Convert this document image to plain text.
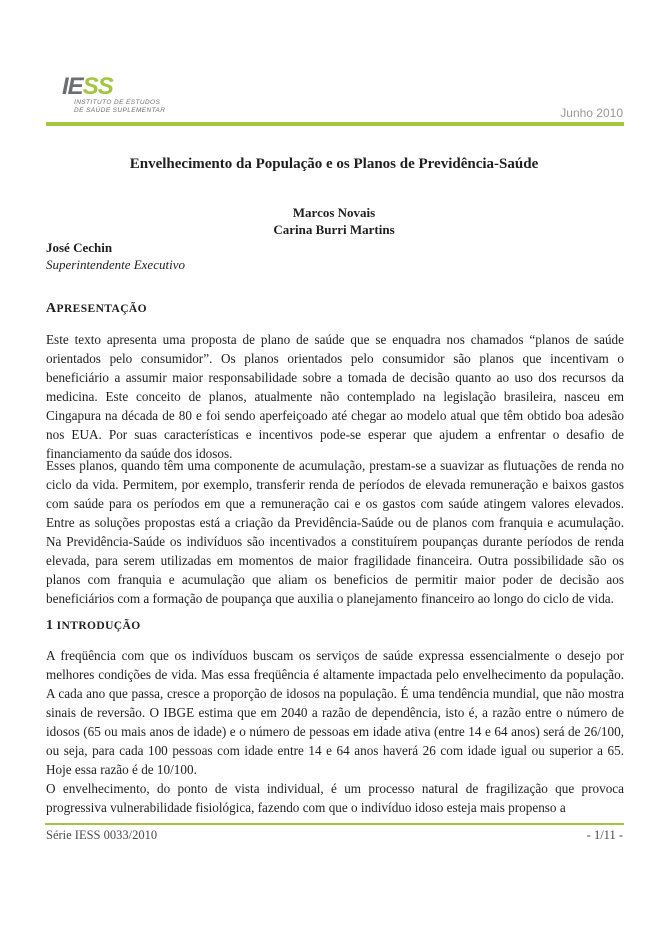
IESS
INSTITUTO DE ESTUDOS
DE SAÚDE SUPLEMENTAR	Junho 2010
Envelhecimento da População e os Planos de Previdência-Saúde
Marcos Novais
Carina Burri Martins
José Cechin
Superintendente Executivo
APRESENTAÇÃO

Este texto apresenta uma proposta de plano de saúde que se enquadra nos chamados “planos de saúde orientados pelo consumidor”. Os planos orientados pelo consumidor são planos que incentivam o beneficiário a assumir maior responsabilidade sobre a tomada de decisão quanto ao uso dos recursos da medicina. Este conceito de planos, atualmente não contemplado na legislação brasileira, nasceu em Cingapura na década de 80 e foi sendo aperfeiçoado até chegar ao modelo atual que têm obtido boa adesão nos EUA. Por suas características e incentivos pode-se esperar que ajudem a enfrentar o desafio de financiamento da saúde dos idosos.

Esses planos, quando têm uma componente de acumulação, prestam-se a suavizar as flutuações de renda no ciclo da vida. Permitem, por exemplo, transferir renda de períodos de elevada remuneração e baixos gastos com saúde para os períodos em que a remuneração cai e os gastos com saúde atingem valores elevados. Entre as soluções propostas está a criação da Previdência-Saúde ou de planos com franquia e acumulação. Na Previdência-Saúde os indivíduos são incentivados a constituírem poupanças durante períodos de renda elevada, para serem utilizadas em momentos de maior fragilidade financeira. Outra possibilidade são os planos com franquia e acumulação que aliam os beneficios de permitir maior poder de decisão aos beneficiários com a formação de poupança que auxilia o planejamento financeiro ao longo do ciclo de vida.

1 INTRODUÇÃO

A freqüência com que os indivíduos buscam os serviços de saúde expressa essencialmente o desejo por melhores condições de vida. Mas essa freqüência é altamente impactada pelo envelhecimento da população. A cada ano que passa, cresce a proporção de idosos na população. É uma tendência mundial, que não mostra sinais de reversão. O IBGE estima que em 2040 a razão de dependência, isto é, a razão entre o número de idosos (65 ou mais anos de idade) e o número de pessoas em idade ativa (entre 14 e 64 anos) será de 26/100, ou seja, para cada 100 pessoas com idade entre 14 e 64 anos haverá 26 com idade igual ou superior a 65. Hoje essa razão é de 10/100.

O envelhecimento, do ponto de vista individual, é um processo natural de fragilização que provoca progressiva vulnerabilidade fisiológica, fazendo com que o indivíduo idoso esteja mais propenso a

Série IESS 0033/2010	- 1/11 -
